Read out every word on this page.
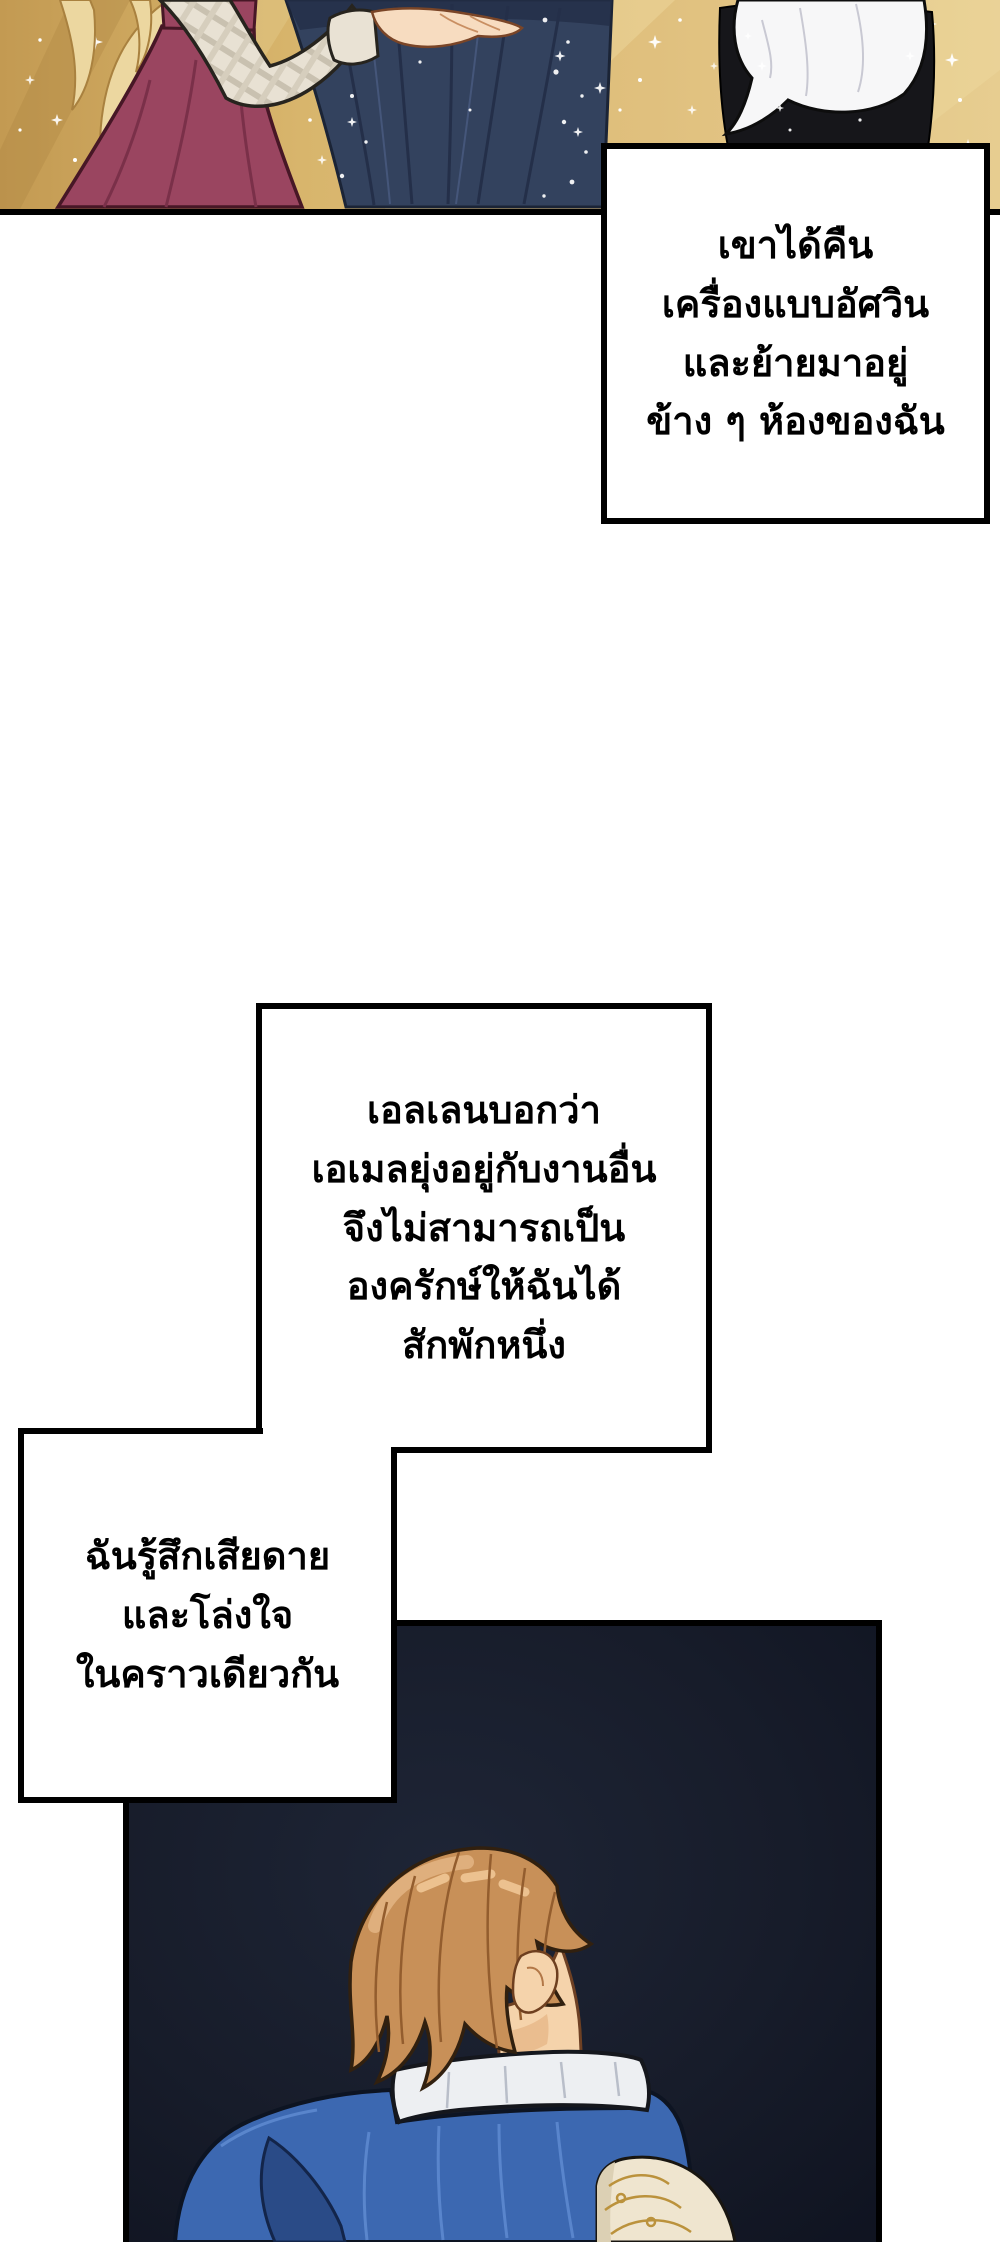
เขาได้คืน
เครื่องแบบอัศวิน
และย้ายมาอยู่
ข้าง ๆ ห้องของฉัน
เอลเลนบอกว่า
เอเมลยุ่งอยู่กับงานอื่น
จึงไม่สามารถเป็น
องครักษ์ให้ฉันได้
สักพักหนึ่ง
ฉันรู้สึกเสียดาย
และโล่งใจ
ในคราวเดียวกัน
